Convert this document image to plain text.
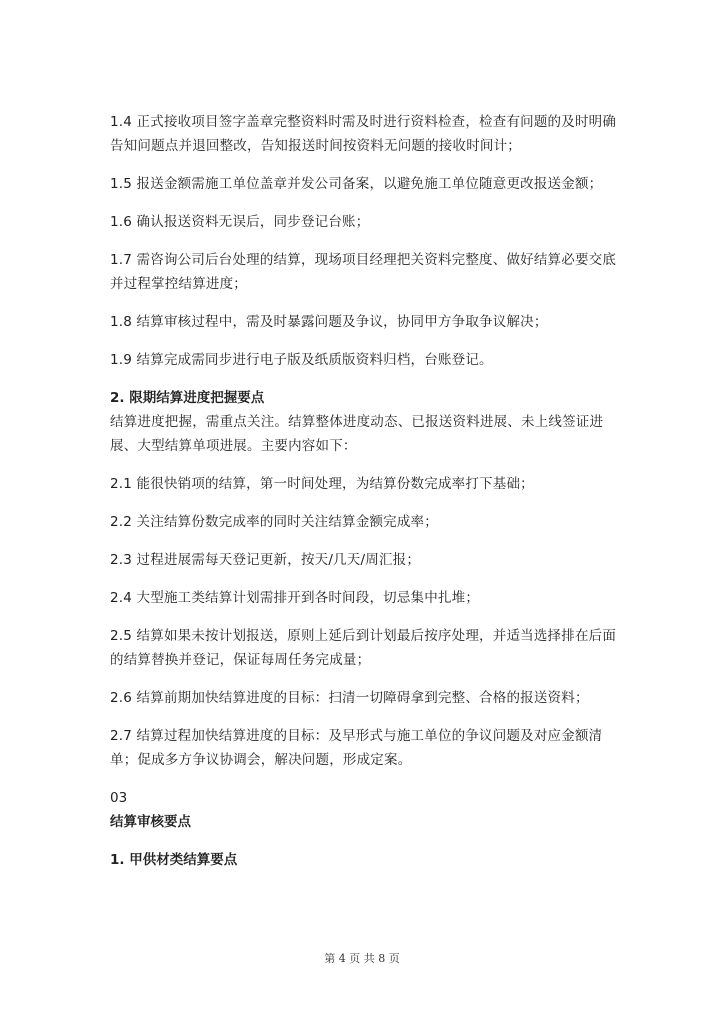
1.4 正式接收项目签字盖章完整资料时需及时进行资料检查，检查有问题的及时明确告知问题点并退回整改，告知报送时间按资料无问题的接收时间计；

1.5 报送金额需施工单位盖章并发公司备案，以避免施工单位随意更改报送金额；

1.6 确认报送资料无误后，同步登记台账；

1.7 需咨询公司后台处理的结算，现场项目经理把关资料完整度、做好结算必要交底并过程掌控结算进度；

1.8 结算审核过程中，需及时暴露问题及争议，协同甲方争取争议解决；

1.9 结算完成需同步进行电子版及纸质版资料归档，台账登记。

2. 限期结算进度把握要点

结算进度把握，需重点关注。结算整体进度动态、已报送资料进展、未上线签证进展、大型结算单项进展。主要内容如下：

2.1 能很快销项的结算，第一时间处理，为结算份数完成率打下基础；

2.2 关注结算份数完成率的同时关注结算金额完成率；

2.3 过程进展需每天登记更新，按天/几天/周汇报；

2.4 大型施工类结算计划需排开到各时间段，切忌集中扎堆；

2.5 结算如果未按计划报送，原则上延后到计划最后按序处理，并适当选择排在后面的结算替换并登记，保证每周任务完成量；

2.6 结算前期加快结算进度的目标：扫清一切障碍拿到完整、合格的报送资料；

2.7 结算过程加快结算进度的目标：及早形式与施工单位的争议问题及对应金额清单；促成多方争议协调会，解决问题，形成定案。

03

结算审核要点

1. 甲供材类结算要点

第 4 页 共 8 页
